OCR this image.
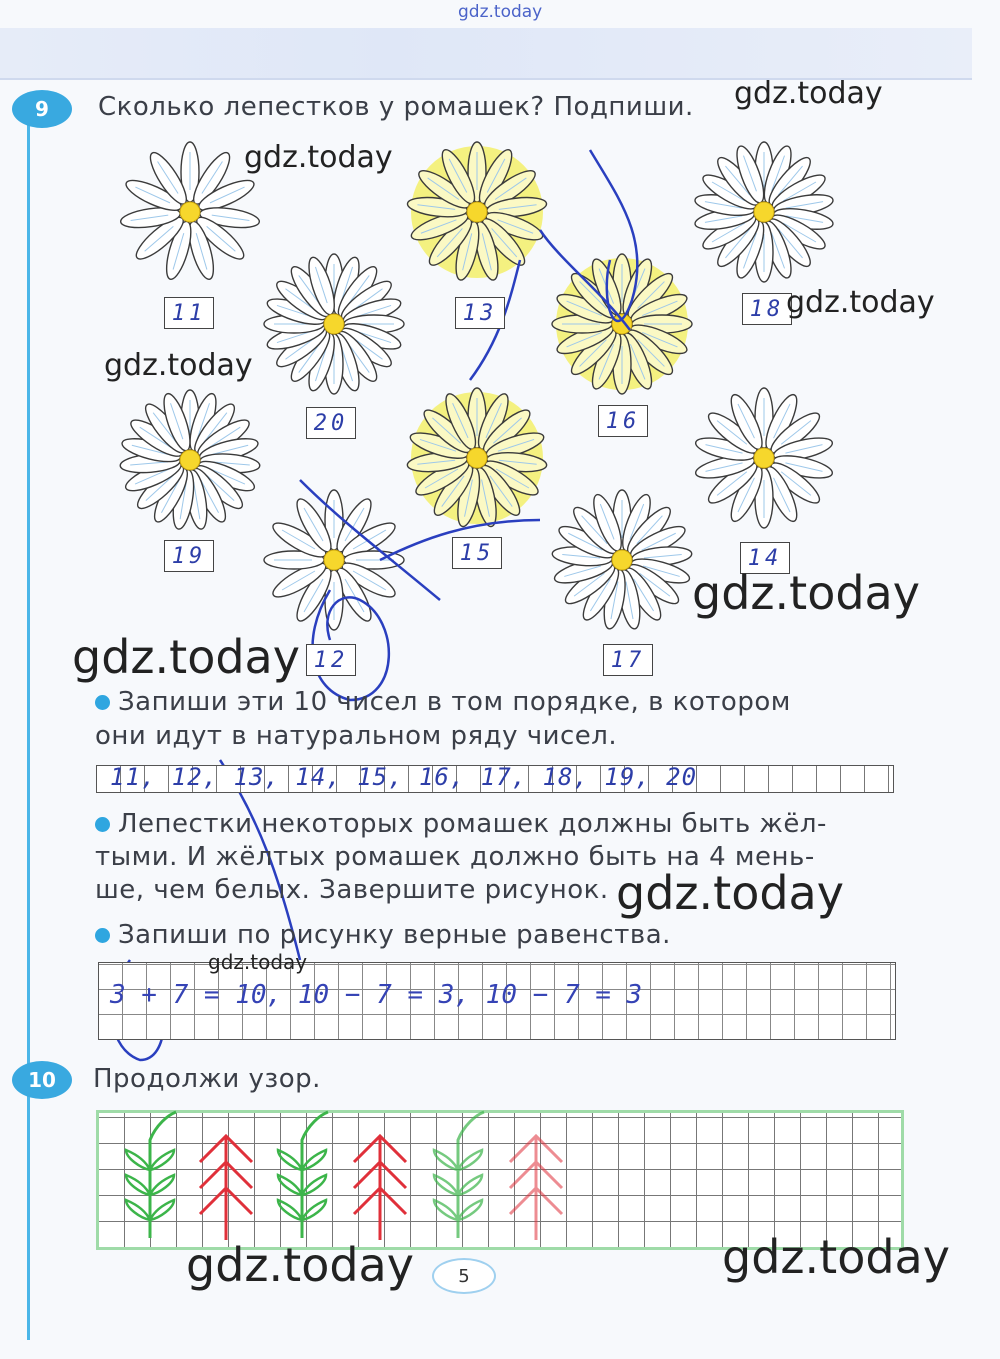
gdz.today
9 Сколько лепестков у ромашек? Подпиши.
11	13	18
20	16
19	15	14
12	17
Запиши эти 10 чисел в том порядке, в котором
они идут в натуральном ряду чисел.
11, 12, 13, 14, 15, 16, 17, 18, 19, 20
Лепестки некоторых ромашек должны быть жёл-
тыми. И жёлтых ромашек должно быть на 4 мень-
ше, чем белых. Завершите рисунок.
Запиши по рисунку верные равенства.
3 + 7 = 10, 10 − 7 = 3, 10 − 7 = 3
10 Продолжи узор.
5
gdz.today
gdz.today
gdz.today
gdz.today
gdz.today
gdz.today
gdz.today
gdz.today
gdz.today	gdz.today
